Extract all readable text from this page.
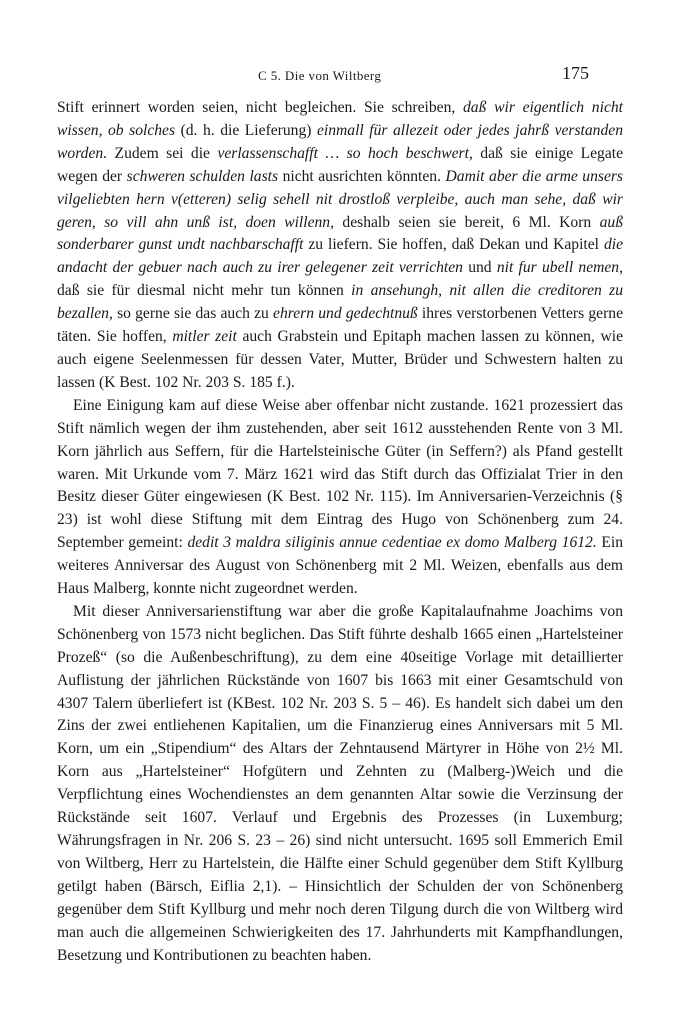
C 5. Die von Wiltberg	175

Stift erinnert worden seien, nicht begleichen. Sie schreiben, daß wir eigentlich nicht wissen, ob solches (d. h. die Lieferung) einmall für allezeit oder jedes jahrß verstanden worden. Zudem sei die verlassenschafft … so hoch beschwert, daß sie einige Legate wegen der schweren schulden lasts nicht ausrichten könnten. Damit aber die arme unsers vilgeliebten hern v(etteren) selig sehell nit drostloß verpleibe, auch man sehe, daß wir geren, so vill ahn unß ist, doen willenn, deshalb seien sie bereit, 6 Ml. Korn auß sonderbarer gunst undt nachbarschafft zu liefern. Sie hoffen, daß Dekan und Kapitel die andacht der gebuer nach auch zu irer gelegener zeit verrichten und nit fur ubell nemen, daß sie für diesmal nicht mehr tun können in ansehungh, nit allen die creditoren zu bezallen, so gerne sie das auch zu ehrern und gedechtnuß ihres verstorbenen Vetters gerne täten. Sie hoffen, mitler zeit auch Grabstein und Epitaph machen lassen zu können, wie auch eigene Seelenmessen für dessen Vater, Mutter, Brüder und Schwestern halten zu lassen (K Best. 102 Nr. 203 S. 185 f.).

Eine Einigung kam auf diese Weise aber offenbar nicht zustande. 1621 prozessiert das Stift nämlich wegen der ihm zustehenden, aber seit 1612 ausstehenden Rente von 3 Ml. Korn jährlich aus Seffern, für die Hartelsteinische Güter (in Seffern?) als Pfand gestellt waren. Mit Urkunde vom 7. März 1621 wird das Stift durch das Offizialat Trier in den Besitz dieser Güter eingewiesen (K Best. 102 Nr. 115). Im Anniversarien-Verzeichnis (§ 23) ist wohl diese Stiftung mit dem Eintrag des Hugo von Schönenberg zum 24. September gemeint: dedit 3 maldra siliginis annue cedentiae ex domo Malberg 1612. Ein weiteres Anniversar des August von Schönenberg mit 2 Ml. Weizen, ebenfalls aus dem Haus Malberg, konnte nicht zugeordnet werden.

Mit dieser Anniversarienstiftung war aber die große Kapitalaufnahme Joachims von Schönenberg von 1573 nicht beglichen. Das Stift führte deshalb 1665 einen „Hartelsteiner Prozeß“ (so die Außenbeschriftung), zu dem eine 40seitige Vorlage mit detaillierter Auflistung der jährlichen Rückstände von 1607 bis 1663 mit einer Gesamtschuld von 4307 Talern überliefert ist (KBest. 102 Nr. 203 S. 5 – 46). Es handelt sich dabei um den Zins der zwei entliehenen Kapitalien, um die Finanzierug eines Anniversars mit 5 Ml. Korn, um ein „Stipendium“ des Altars der Zehntausend Märtyrer in Höhe von 2½ Ml. Korn aus „Hartelsteiner“ Hofgütern und Zehnten zu (Malberg-)Weich und die Verpflichtung eines Wochendienstes an dem genannten Altar sowie die Verzinsung der Rückstände seit 1607. Verlauf und Ergebnis des Prozesses (in Luxemburg; Währungsfragen in Nr. 206 S. 23 – 26) sind nicht untersucht. 1695 soll Emmerich Emil von Wiltberg, Herr zu Hartelstein, die Hälfte einer Schuld gegenüber dem Stift Kyllburg getilgt haben (Bärsch, Eiflia 2,1). – Hinsichtlich der Schulden der von Schönenberg gegenüber dem Stift Kyllburg und mehr noch deren Tilgung durch die von Wiltberg wird man auch die allgemeinen Schwierigkeiten des 17. Jahrhunderts mit Kampfhandlungen, Besetzung und Kontributionen zu beachten haben.
